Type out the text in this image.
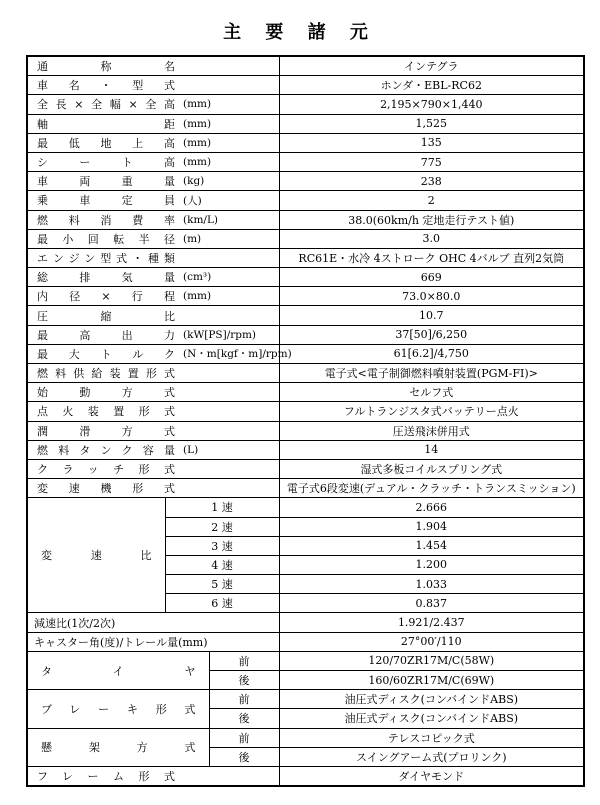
主 要 諸 元
通称名			インテグラ

車名・型式			ホンダ・EBL-RC62

全長×全幅×全高 (mm)			2,195×790×1,440

軸距 (mm)			1,525

最低地上高 (mm)			135

シート高 (mm)			775

車両重量 (kg)			238

乗車定員 (人)			2

燃料消費率 (km/L)			38.0(60km/h 定地走行テスト値)

最小回転半径 (m)			3.0

エンジン型式・種類			RC61E・水冷 4ストローク OHC 4バルブ 直列2気筒

総排気量 (cm³)			669

内径×行程 (mm)			73.0×80.0

圧縮比			10.7

最高出力 (kW[PS]/rpm)			37[50]/6,250

最大トルク (N・m[kgf・m]/rpm)			61[6.2]/4,750

燃料供給装置形式			電子式<電子制御燃料噴射装置(PGM-FI)>

始動方式			セルフ式

点火装置形式			フルトランジスタ式バッテリー点火

潤滑方式			圧送飛沫併用式

燃料タンク容量 (L)			14

クラッチ形式			湿式多板コイルスプリング式

変速機形式			電子式6段変速(デュアル・クラッチ・トランスミッション)

変速比	1 速		2.666
	2 速		1.904
	3 速		1.454
	4 速		1.200
	5 速		1.033
	6 速		0.837
減速比(1次/2次)			1.921/2.437
キャスター角(度)/トレール量(mm)			27°00′/110

タイヤ		前	120/70ZR17M/C(58W)
		後	160/60ZR17M/C(69W)

ブレーキ形式		前	油圧式ディスク(コンバインドABS)
		後	油圧式ディスク(コンバインドABS)

懸架方式		前	テレスコピック式
		後	スイングアーム式(プロリンク)

フレーム形式			ダイヤモンド
